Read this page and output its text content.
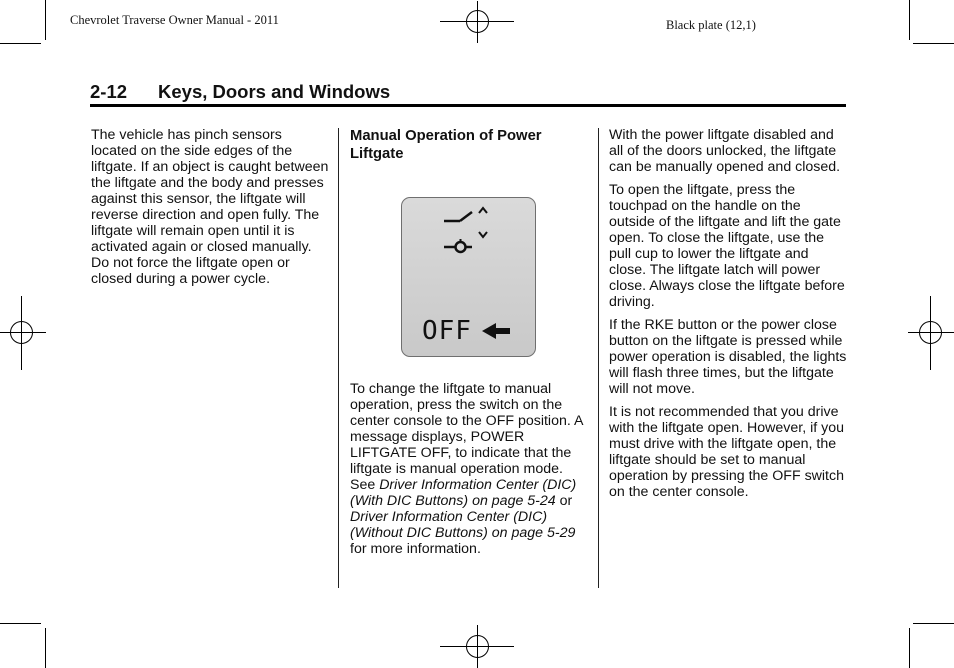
Chevrolet Traverse Owner Manual - 2011	Black plate (12,1)
2-12 Keys, Doors and Windows

The vehicle has pinch sensors located on the side edges of the liftgate. If an object is caught between the liftgate and the body and presses against this sensor, the liftgate will reverse direction and open fully. The liftgate will remain open until it is activated again or closed manually. Do not force the liftgate open or closed during a power cycle.

Manual Operation of Power Liftgate

OFF

To change the liftgate to manual operation, press the switch on the center console to the OFF position. A message displays, POWER LIFTGATE OFF, to indicate that the liftgate is manual operation mode. See Driver Information Center (DIC) (With DIC Buttons) on page 5-24 or Driver Information Center (DIC) (Without DIC Buttons) on page 5-29 for more information.

With the power liftgate disabled and all of the doors unlocked, the liftgate can be manually opened and closed.

To open the liftgate, press the touchpad on the handle on the outside of the liftgate and lift the gate open. To close the liftgate, use the pull cup to lower the liftgate and close. The liftgate latch will power close. Always close the liftgate before driving.

If the RKE button or the power close button on the liftgate is pressed while power operation is disabled, the lights will flash three times, but the liftgate will not move.

It is not recommended that you drive with the liftgate open. However, if you must drive with the liftgate open, the liftgate should be set to manual operation by pressing the OFF switch on the center console.
